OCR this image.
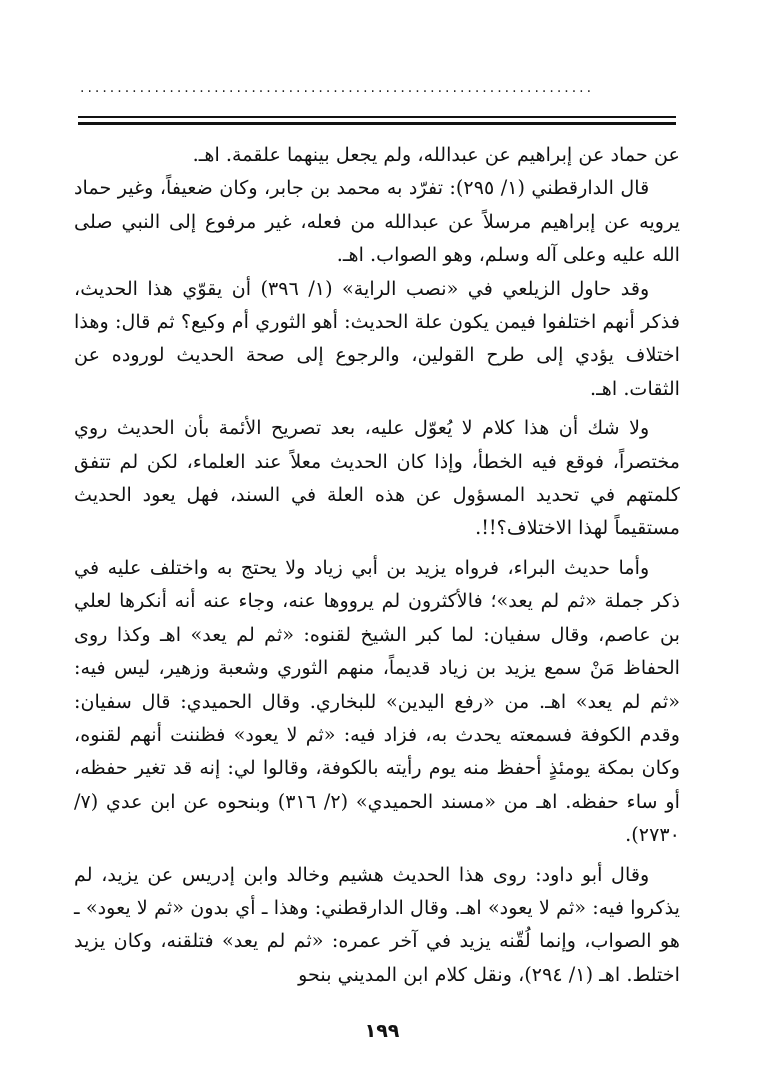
.....................................................................

عن حماد عن إبراهيم عن عبدالله، ولم يجعل بينهما علقمة. اهـ.

قال الدارقطني (١/ ٢٩٥): تفرّد به محمد بن جابر، وكان ضعيفاً، وغير حماد يرويه عن إبراهيم مرسلاً عن عبدالله من فعله، غير مرفوع إلى النبي صلى الله عليه وعلى آله وسلم، وهو الصواب. اهـ.

وقد حاول الزيلعي في «نصب الراية» (١/ ٣٩٦) أن يقوّي هذا الحديث، فذكر أنهم اختلفوا فيمن يكون علة الحديث: أهو الثوري أم وكيع؟ ثم قال: وهذا اختلاف يؤدي إلى طرح القولين، والرجوع إلى صحة الحديث لوروده عن الثقات. اهـ.

ولا شك أن هذا كلام لا يُعوّل عليه، بعد تصريح الأئمة بأن الحديث روي مختصراً، فوقع فيه الخطأ، وإذا كان الحديث معلاً عند العلماء، لكن لم تتفق كلمتهم في تحديد المسؤول عن هذه العلة في السند، فهل يعود الحديث مستقيماً لهذا الاختلاف؟!!.

وأما حديث البراء، فرواه يزيد بن أبي زياد ولا يحتج به واختلف عليه في ذكر جملة «ثم لم يعد»؛ فالأكثرون لم يرووها عنه، وجاء عنه أنه أنكرها لعلي بن عاصم، وقال سفيان: لما كبر الشيخ لقنوه: «ثم لم يعد» اهـ وكذا روى الحفاظ مَنْ سمع يزيد بن زياد قديماً، منهم الثوري وشعبة وزهير، ليس فيه: «ثم لم يعد» اهـ. من «رفع اليدين» للبخاري. وقال الحميدي: قال سفيان: وقدم الكوفة فسمعته يحدث به، فزاد فيه: «ثم لا يعود» فظننت أنهم لقنوه، وكان بمكة يومئذٍ أحفظ منه يوم رأيته بالكوفة، وقالوا لي: إنه قد تغير حفظه، أو ساء حفظه. اهـ من «مسند الحميدي» (٢/ ٣١٦) وبنحوه عن ابن عدي (٧/ ٢٧٣٠).

وقال أبو داود: روى هذا الحديث هشيم وخالد وابن إدريس عن يزيد، لم يذكروا فيه: «ثم لا يعود» اهـ. وقال الدارقطني: وهذا ـ أي بدون «ثم لا يعود» ـ هو الصواب، وإنما لُقّنه يزيد في آخر عمره: «ثم لم يعد» فتلقنه، وكان يزيد اختلط. اهـ (١/ ٢٩٤)، ونقل كلام ابن المديني بنحو

١٩٩
